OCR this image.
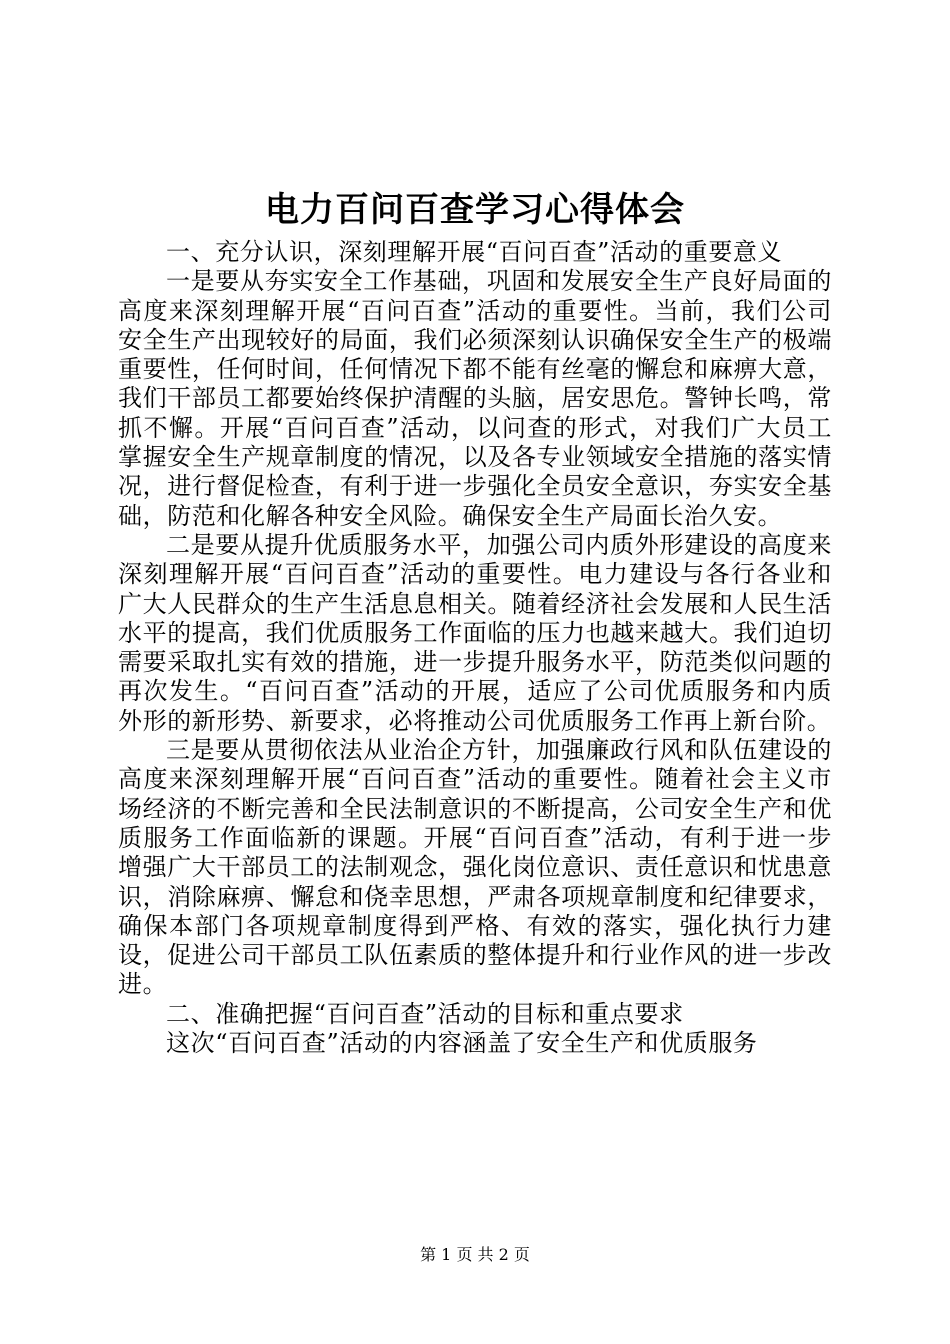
电力百问百查学习心得体会

一、充分认识，深刻理解开展“百问百查”活动的重要意义

一是要从夯实安全工作基础，巩固和发展安全生产良好局面的高度来深刻理解开展“百问百查”活动的重要性。当前，我们公司安全生产出现较好的局面，我们必须深刻认识确保安全生产的极端重要性，任何时间，任何情况下都不能有丝毫的懈怠和麻痹大意，我们干部员工都要始终保护清醒的头脑，居安思危。警钟长鸣，常抓不懈。开展“百问百查”活动，以问查的形式，对我们广大员工掌握安全生产规章制度的情况，以及各专业领域安全措施的落实情况，进行督促检查，有利于进一步强化全员安全意识，夯实安全基础，防范和化解各种安全风险。确保安全生产局面长治久安。

二是要从提升优质服务水平，加强公司内质外形建设的高度来深刻理解开展“百问百查”活动的重要性。电力建设与各行各业和广大人民群众的生产生活息息相关。随着经济社会发展和人民生活水平的提高，我们优质服务工作面临的压力也越来越大。我们迫切需要采取扎实有效的措施，进一步提升服务水平，防范类似问题的再次发生。“百问百查”活动的开展，适应了公司优质服务和内质外形的新形势、新要求，必将推动公司优质服务工作再上新台阶。

三是要从贯彻依法从业治企方针，加强廉政行风和队伍建设的高度来深刻理解开展“百问百查”活动的重要性。随着社会主义市场经济的不断完善和全民法制意识的不断提高，公司安全生产和优质服务工作面临新的课题。开展“百问百查”活动，有利于进一步增强广大干部员工的法制观念，强化岗位意识、责任意识和忧患意识，消除麻痹、懈怠和侥幸思想，严肃各项规章制度和纪律要求，确保本部门各项规章制度得到严格、有效的落实，强化执行力建设，促进公司干部员工队伍素质的整体提升和行业作风的进一步改进。

二、准确把握“百问百查”活动的目标和重点要求

这次“百问百查”活动的内容涵盖了安全生产和优质服务

第 1 页 共 2 页
